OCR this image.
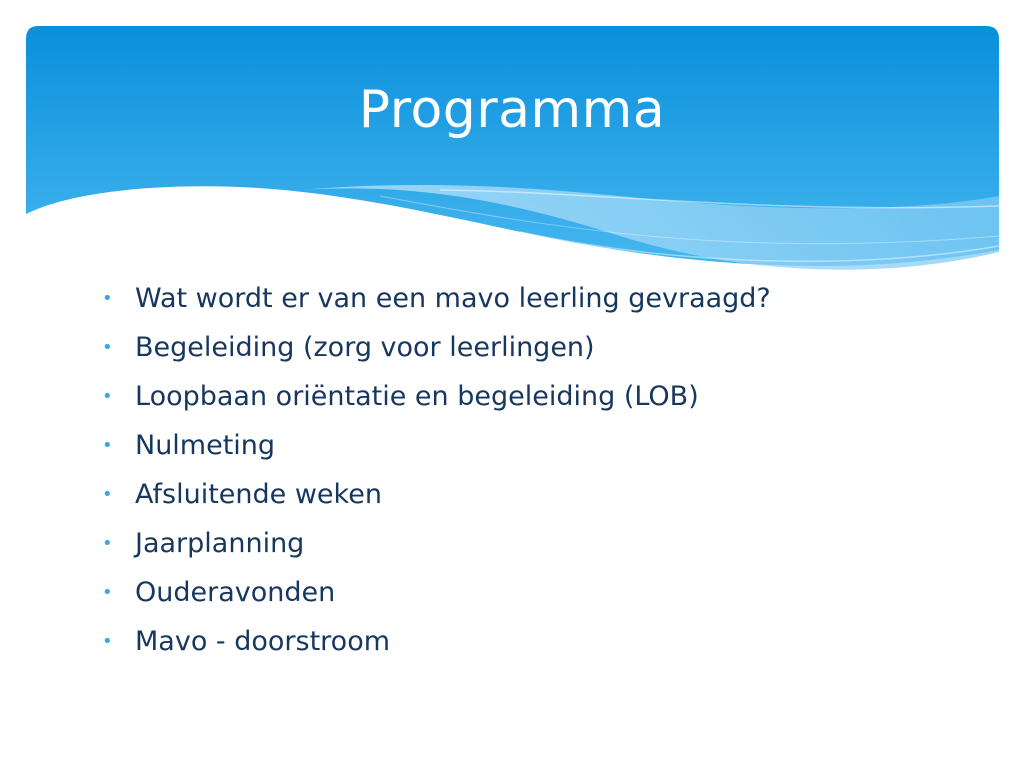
Programma
• Wat wordt er van een mavo leerling gevraagd?
• Begeleiding (zorg voor leerlingen)
• Loopbaan oriëntatie en begeleiding (LOB)
• Nulmeting
• Afsluitende weken
• Jaarplanning
• Ouderavonden
• Mavo - doorstroom
